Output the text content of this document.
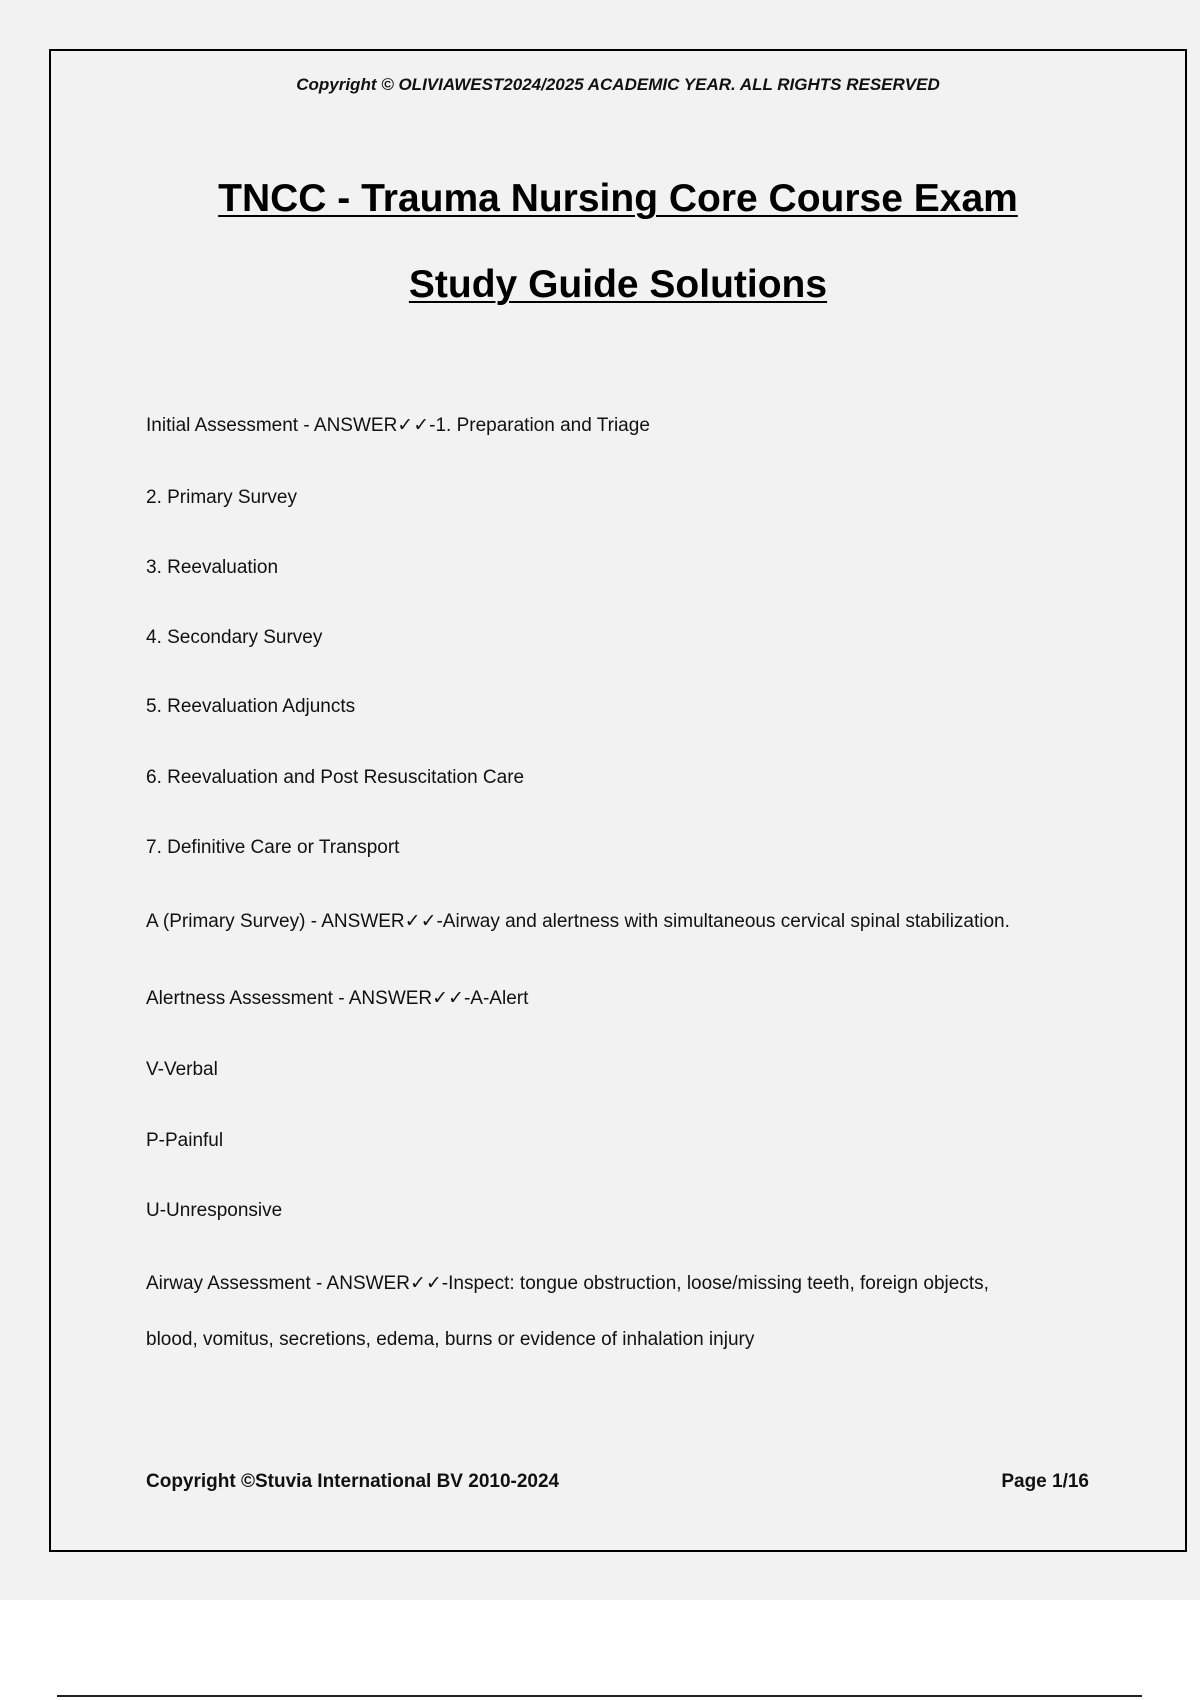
Copyright © OLIVIAWEST2024/2025 ACADEMIC YEAR. ALL RIGHTS RESERVED
TNCC - Trauma Nursing Core Course Exam
Study Guide Solutions
Initial Assessment - ANSWER✓✓-1. Preparation and Triage
2. Primary Survey
3. Reevaluation
4. Secondary Survey
5. Reevaluation Adjuncts
6. Reevaluation and Post Resuscitation Care
7. Definitive Care or Transport
A (Primary Survey) - ANSWER✓✓-Airway and alertness with simultaneous cervical spinal stabilization.
Alertness Assessment - ANSWER✓✓-A-Alert
V-Verbal
P-Painful
U-Unresponsive
Airway Assessment - ANSWER✓✓-Inspect: tongue obstruction, loose/missing teeth, foreign objects,
blood, vomitus, secretions, edema, burns or evidence of inhalation injury
Copyright ©Stuvia International BV 2010-2024	Page 1/16
